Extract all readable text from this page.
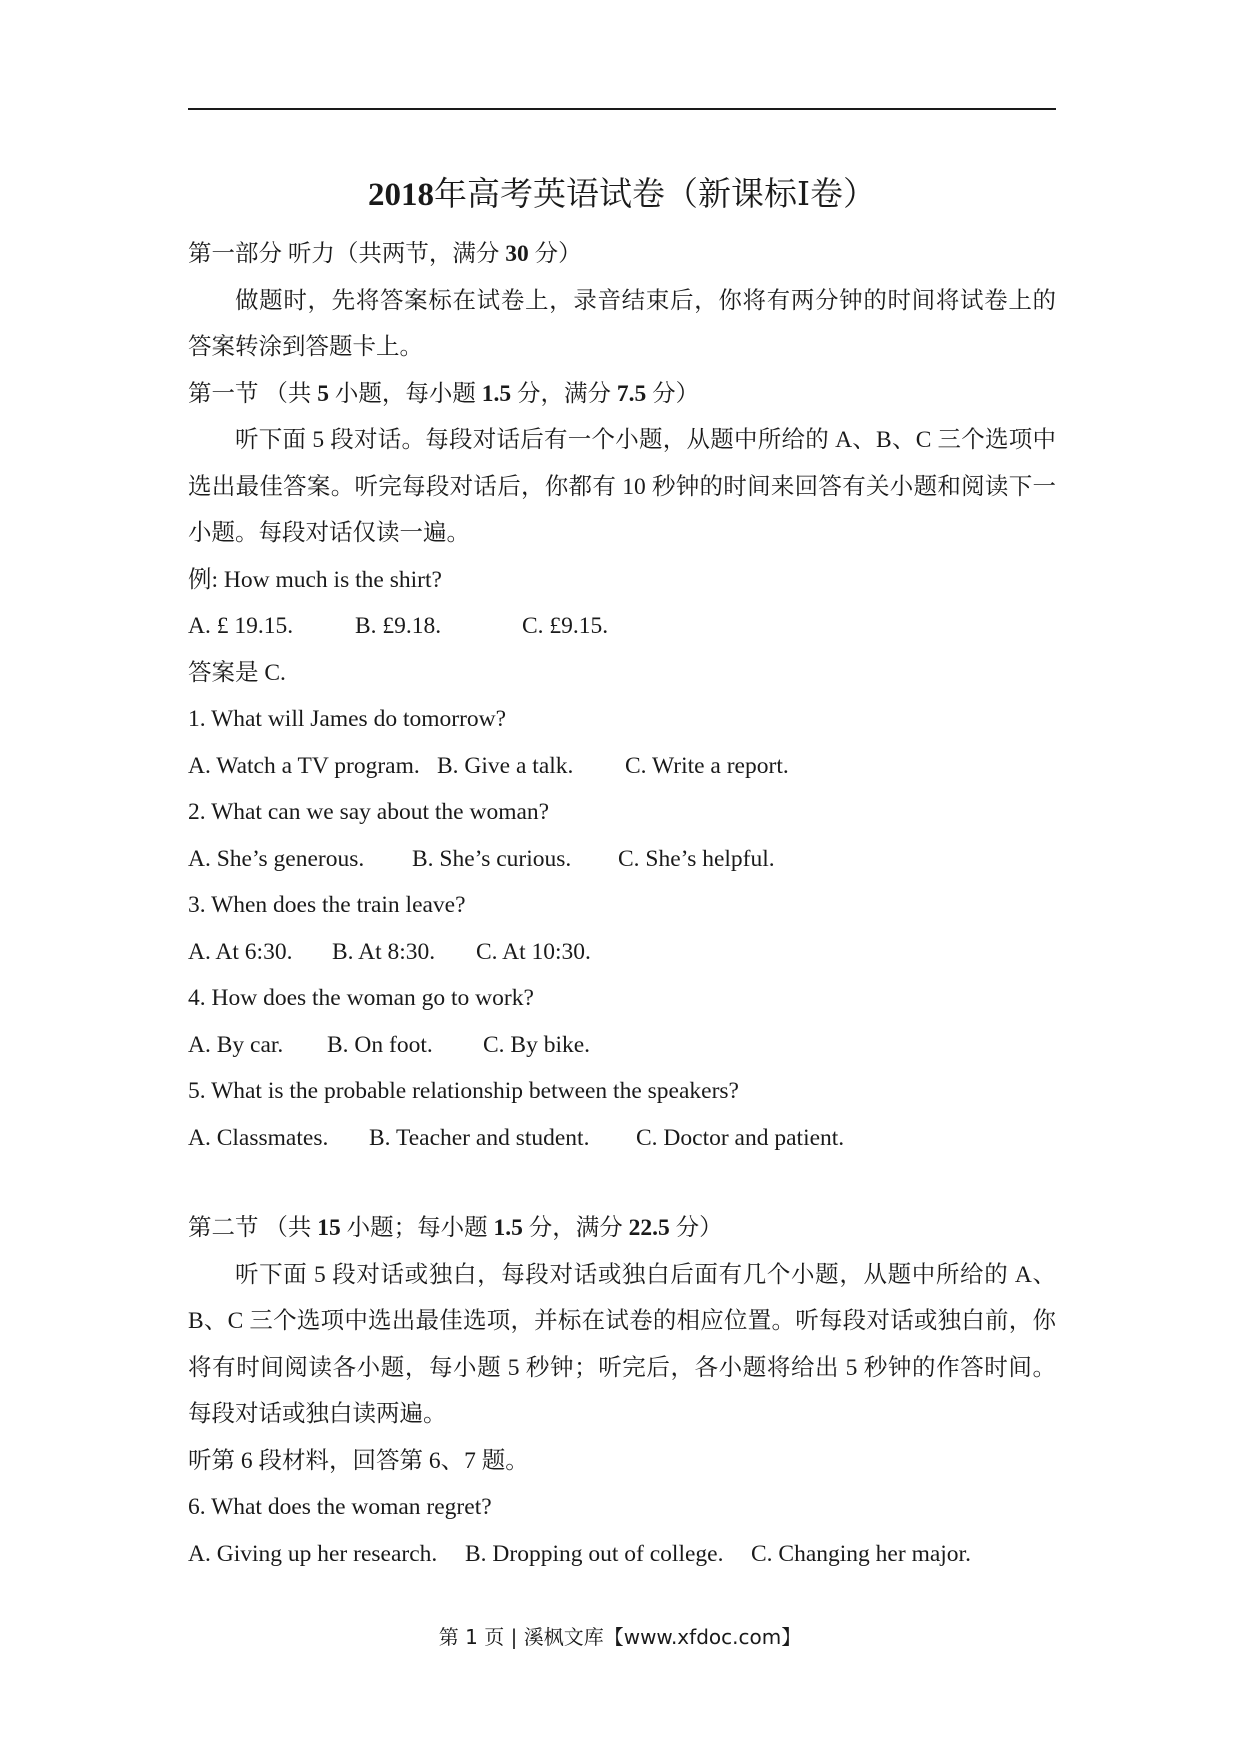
2018年高考英语试卷（新课标Ⅰ卷）

第一部分 听力（共两节，满分 30 分）

做题时，先将答案标在试卷上，录音结束后，你将有两分钟的时间将试卷上的答案转涂到答题卡上。

第一节 （共 5 小题，每小题 1.5 分，满分 7.5 分）

听下面 5 段对话。每段对话后有一个小题，从题中所给的 A、B、C 三个选项中选出最佳答案。听完每段对话后，你都有 10 秒钟的时间来回答有关小题和阅读下一小题。每段对话仅读一遍。

例: How much is the shirt?

A. £ 19.15.	B. £9.18.	C. £9.15.

答案是 C.

1. What will James do tomorrow?

A. Watch a TV program. B. Give a talk. C. Write a report.

2. What can we say about the woman?

A. She’s generous. B. She’s curious. C. She’s helpful.

3. When does the train leave?

A. At 6:30. B. At 8:30. C. At 10:30.

4. How does the woman go to work?

A. By car. B. On foot. C. By bike.

5. What is the probable relationship between the speakers?

A. Classmates. B. Teacher and student. C. Doctor and patient.

第二节 （共 15 小题；每小题 1.5 分，满分 22.5 分）

听下面 5 段对话或独白，每段对话或独白后面有几个小题，从题中所给的 A、B、C 三个选项中选出最佳选项，并标在试卷的相应位置。听每段对话或独白前，你将有时间阅读各小题，每小题 5 秒钟；听完后，各小题将给出 5 秒钟的作答时间。每段对话或独白读两遍。

听第 6 段材料，回答第 6、7 题。

6. What does the woman regret?

A. Giving up her research. B. Dropping out of college. C. Changing her major.

第 1 页 | 溪枫文库【www.xfdoc.com】
